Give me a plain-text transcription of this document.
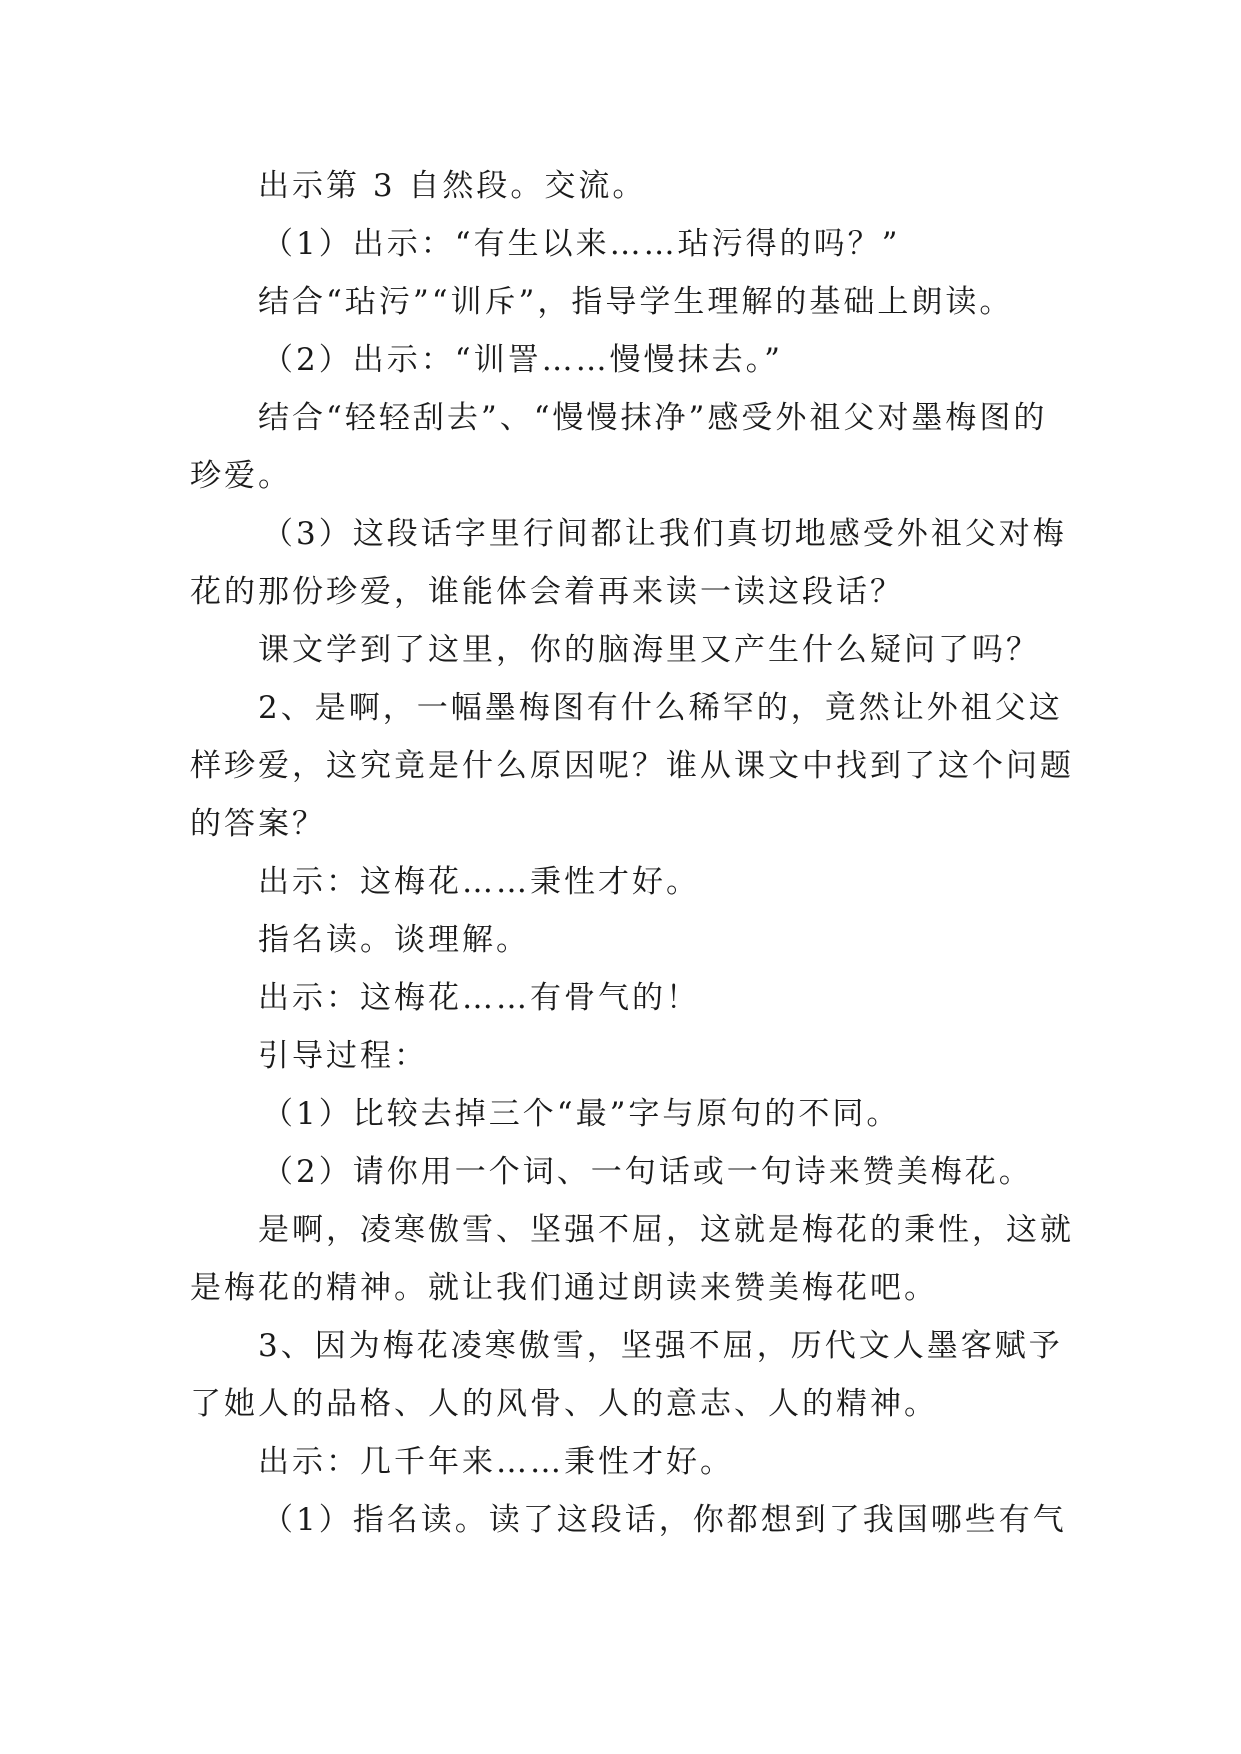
出示第 3 自然段。交流。
（1）出示：“有生以来……玷污得的吗？”
结合“玷污”“训斥”，指导学生理解的基础上朗读。
（2）出示：“训詈……慢慢抹去。”
结合“轻轻刮去”、“慢慢抹净”感受外祖父对墨梅图的
珍爱。
（3）这段话字里行间都让我们真切地感受外祖父对梅
花的那份珍爱，谁能体会着再来读一读这段话？
课文学到了这里，你的脑海里又产生什么疑问了吗？
2、是啊，一幅墨梅图有什么稀罕的，竟然让外祖父这
样珍爱，这究竟是什么原因呢？谁从课文中找到了这个问题
的答案？
出示：这梅花……秉性才好。
指名读。谈理解。
出示：这梅花……有骨气的！
引导过程：
（1）比较去掉三个“最”字与原句的不同。
（2）请你用一个词、一句话或一句诗来赞美梅花。
是啊，凌寒傲雪、坚强不屈，这就是梅花的秉性，这就
是梅花的精神。就让我们通过朗读来赞美梅花吧。
3、因为梅花凌寒傲雪，坚强不屈，历代文人墨客赋予
了她人的品格、人的风骨、人的意志、人的精神。
出示：几千年来……秉性才好。
（1）指名读。读了这段话，你都想到了我国哪些有气
